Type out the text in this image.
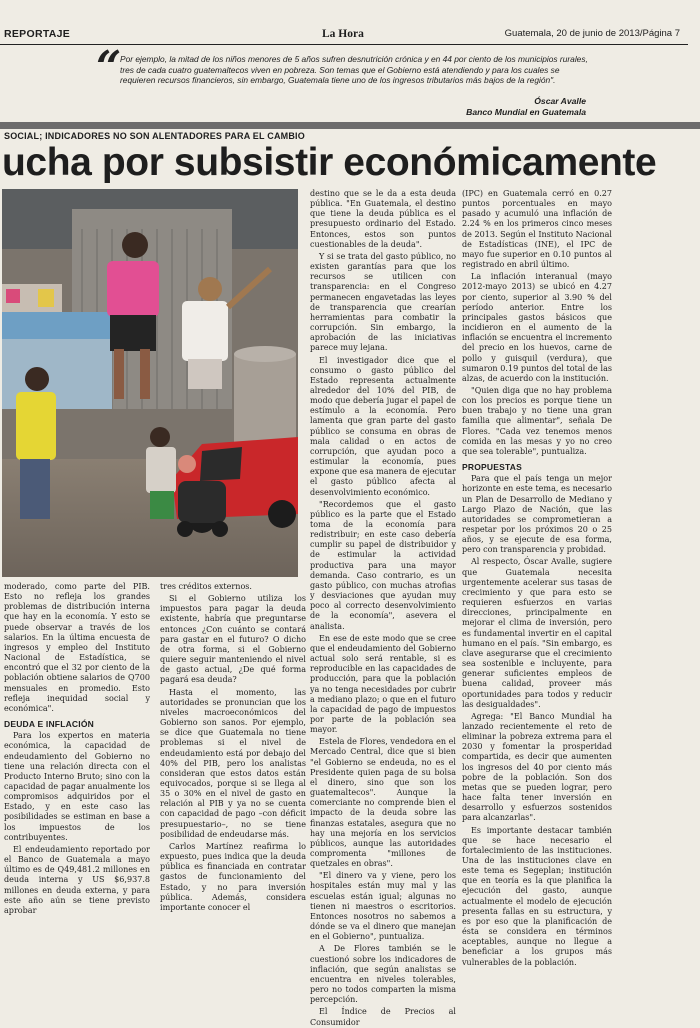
REPORTAJE	La Hora	Guatemala, 20 de junio de 2013/Página 7
“
Por ejemplo, la mitad de los niños menores de 5 años sufren desnutrición crónica y en 44 por ciento de los municipios rurales, tres de cada cuatro guatemaltecos viven en pobreza. Son temas que el Gobierno está atendiendo y para los cuales se requieren recursos financieros, sin embargo, Guatemala tiene uno de los ingresos tributarios más bajos de la región".
Óscar Avalle
Banco Mundial en Guatemala
SOCIAL; INDICADORES NO SON ALENTADORES PARA EL CAMBIO
ucha por subsistir económicamente

moderado, como parte del PIB. Esto no refleja los grandes problemas de distribución interna que hay en la economía. Y esto se puede observar a través de los salarios. En la última encuesta de ingresos y empleo del Instituto Nacional de Estadística, se encontró que el 32 por ciento de la población obtiene salarios de Q700 mensuales en promedio. Esto refleja inequidad social y económica".

DEUDA E INFLACIÓN

Para los expertos en materia económica, la capacidad de endeudamiento del Gobierno no tiene una relación directa con el Producto Interno Bruto; sino con la capacidad de pagar anualmente los compromisos adquiridos por el Estado, y en este caso las posibilidades se estiman en base a los impuestos de los contribuyentes.

El endeudamiento reportado por el Banco de Guatemala a mayo último es de Q49,481.2 millones en deuda interna y US $6,937.8 millones en deuda externa, y para este año aún se tiene previsto aprobar

tres créditos externos.

Si el Gobierno utiliza los impuestos para pagar la deuda existente, habría que preguntarse entonces ¿Con cuánto se contará para gastar en el futuro? O dicho de otra forma, si el Gobierno quiere seguir manteniendo el nivel de gasto actual, ¿De qué forma pagará esa deuda?

Hasta el momento, las autoridades se pronuncian que los niveles macroeconómicos del Gobierno son sanos. Por ejemplo, se dice que Guatemala no tiene problemas si el nivel de endeudamiento está por debajo del 40% del PIB, pero los analistas consideran que estos datos están equivocados, porque si se llega al 35 o 30% en el nivel de gasto en relación al PIB y ya no se cuenta con capacidad de pago –con déficit presupuestario–, no se tiene posibilidad de endeudarse más.

Carlos Martínez reafirma lo expuesto, pues indica que la deuda pública es financiada en contratar gastos de funcionamiento del Estado, y no para inversión pública. Además, considera importante conocer el

destino que se le da a esta deuda pública. "En Guatemala, el destino que tiene la deuda pública es el presupuesto ordinario del Estado. Entonces, estos son puntos cuestionables de la deuda".

Y si se trata del gasto público, no existen garantías para que los recursos se utilicen con transparencia: en el Congreso permanecen engavetadas las leyes de transparencia que crearían herramientas para combatir la corrupción. Sin embargo, la aprobación de las iniciativas parece muy lejana.

El investigador dice que el consumo o gasto público del Estado representa actualmente alrededor del 10% del PIB, de modo que debería jugar el papel de estímulo a la economía. Pero lamenta que gran parte del gasto público se consuma en obras de mala calidad o en actos de corrupción, que ayudan poco a estimular la economía, pues expone que esa manera de ejecutar el gasto público afecta al desenvolvimiento económico.

"Recordemos que el gasto público es la parte que el Estado toma de la economía para redistribuir; en este caso debería cumplir su papel de distribuidor y de estimular la actividad productiva para una mayor demanda. Caso contrario, es un gasto público, con muchas atrofias y desviaciones que ayudan muy poco al correcto desenvolvimiento de la economía", asevera el analista.

En ese de este modo que se cree que el endeudamiento del Gobierno actual solo será rentable, si es reproducible en las capacidades de producción, para que la población ya no tenga necesidades por cubrir a mediano plazo; o que en el futuro la capacidad de pago de impuestos por parte de la población sea mayor.

Estela de Flores, vendedora en el Mercado Central, dice que si bien "el Gobierno se endeuda, no es el Presidente quien paga de su bolsa el dinero, sino que son los guatemaltecos". Aunque la comerciante no comprende bien el impacto de la deuda sobre las finanzas estatales, asegura que no hay una mejoría en los servicios públicos, aunque las autoridades compromenta "millones de quetzales en obras".

"El dinero va y viene, pero los hospitales están muy mal y las escuelas están igual; algunas no tienen ni maestros o escritorios. Entonces nosotros no sabemos a dónde se va el dinero que manejan en el Gobierno", puntualiza.

A De Flores también se le cuestionó sobre los indicadores de inflación, que según analistas se encuentra en niveles tolerables, pero no todos comparten la misma percepción.

El Índice de Precios al Consumidor

(IPC) en Guatemala cerró en 0.27 puntos porcentuales en mayo pasado y acumuló una inflación de 2.24 % en los primeros cinco meses de 2013. Según el Instituto Nacional de Estadísticas (INE), el IPC de mayo fue superior en 0.10 puntos al registrado en abril último.

La inflación interanual (mayo 2012-mayo 2013) se ubicó en 4.27 por ciento, superior al 3.90 % del período anterior. Entre los principales gastos básicos que incidieron en el aumento de la inflación se encuentra el incremento del precio en los huevos, carne de pollo y guisquil (verdura), que sumaron 0.19 puntos del total de las alzas, de acuerdo con la institución.

"Quien diga que no hay problema con los precios es porque tiene un buen trabajo y no tiene una gran familia que alimentar", señala De Flores. "Cada vez tenemos menos comida en las mesas y yo no creo que sea tolerable", puntualiza.

PROPUESTAS

Para que el país tenga un mejor horizonte en este tema, es necesario un Plan de Desarrollo de Mediano y Largo Plazo de Nación, que las autoridades se comprometieran a respetar por los próximos 20 o 25 años, y se ejecute de esa forma, pero con transparencia y probidad.

Al respecto, Óscar Avalle, sugiere que Guatemala necesita urgentemente acelerar sus tasas de crecimiento y que para esto se requieren esfuerzos en varias direcciones, principalmente en mejorar el clima de inversión, pero es fundamental invertir en el capital humano en el país. "Sin embargo, es clave asegurarse que el crecimiento sea sostenible e incluyente, para generar suficientes empleos de buena calidad, proveer más oportunidades para todos y reducir las desigualdades".

Agrega: "El Banco Mundial ha lanzado recientemente el reto de eliminar la pobreza extrema para el 2030 y fomentar la prosperidad compartida, es decir que aumenten los ingresos del 40 por ciento más pobre de la población. Son dos metas que se pueden lograr, pero hace falta tener inversión en desarrollo y esfuerzos sostenidos para alcanzarlas".

Es importante destacar también que se hace necesario el fortalecimiento de las instituciones. Una de las instituciones clave en este tema es Segeplan; institución que en teoría es la que planifica la ejecución del gasto, aunque actualmente el modelo de ejecución presenta fallas en su estructura, y es por eso que la planificación de ésta se considera en términos aceptables, aunque no llegue a beneficiar a los grupos más vulnerables de la población.
